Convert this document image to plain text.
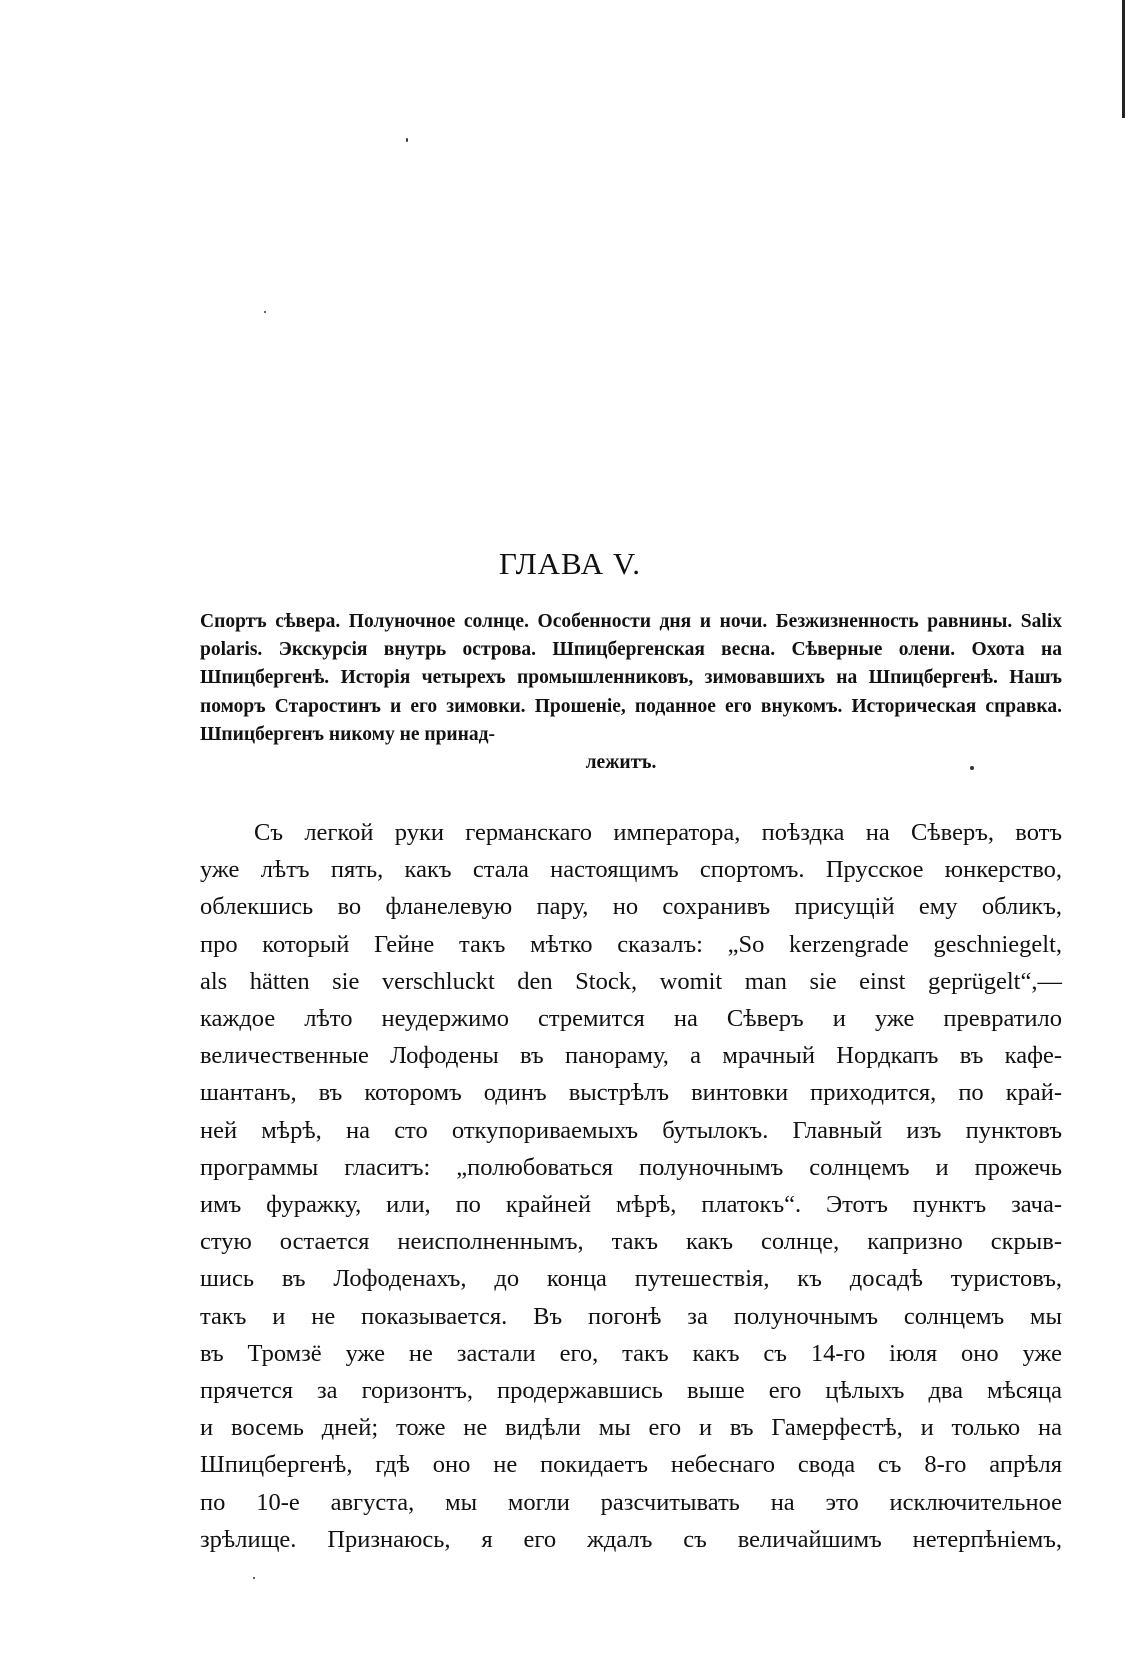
ГЛАВА V.

Спортъ сѣвера. Полуночное солнце. Особенности дня и ночи. Безжизненность равнины. Salix polaris. Экскурсія внутрь острова. Шпицбергенская весна. Сѣверные олени. Охота на Шпицбергенѣ. Исторія четырехъ промышленниковъ, зимовавшихъ на Шпицбергенѣ. Нашъ поморъ Старостинъ и его зимовки. Прошеніе, поданное его внукомъ. Историческая справка. Шпицбергенъ никому не принад-
лежитъ.

Съ легкой руки германскаго императора, поѣздка на Сѣверъ, вотъ
уже лѣтъ пять, какъ стала настоящимъ спортомъ. Прусское юнкерство,
облекшись во фланелевую пару, но сохранивъ присущій ему обликъ,
про который Гейне такъ мѣтко сказалъ: „So kerzengrade geschniegelt,
als hätten sie verschluckt den Stock, womit man sie einst geprügelt“,—
каждое лѣто неудержимо стремится на Сѣверъ и уже превратило
величественные Лофодены въ панораму, а мрачный Нордкапъ въ кафе-
шантанъ, въ которомъ одинъ выстрѣлъ винтовки приходится, по край-
ней мѣрѣ, на сто откупориваемыхъ бутылокъ. Главный изъ пунктовъ
программы гласитъ: „полюбоваться полуночнымъ солнцемъ и прожечь
имъ фуражку, или, по крайней мѣрѣ, платокъ“. Этотъ пунктъ зача-
стую остается неисполненнымъ, такъ какъ солнце, капризно скрыв-
шись въ Лофоденахъ, до конца путешествія, къ досадѣ туристовъ,
такъ и не показывается. Въ погонѣ за полуночнымъ солнцемъ мы
въ Тромзё уже не застали его, такъ какъ съ 14-го іюля оно уже
прячется за горизонтъ, продержавшись выше его цѣлыхъ два мѣсяца
и восемь дней; тоже не видѣли мы его и въ Гамерфестѣ, и только на
Шпицбергенѣ, гдѣ оно не покидаетъ небеснаго свода съ 8-го апрѣля
по 10-е августа, мы могли разсчитывать на это исключительное
зрѣлище. Признаюсь, я его ждалъ съ величайшимъ нетерпѣніемъ,
